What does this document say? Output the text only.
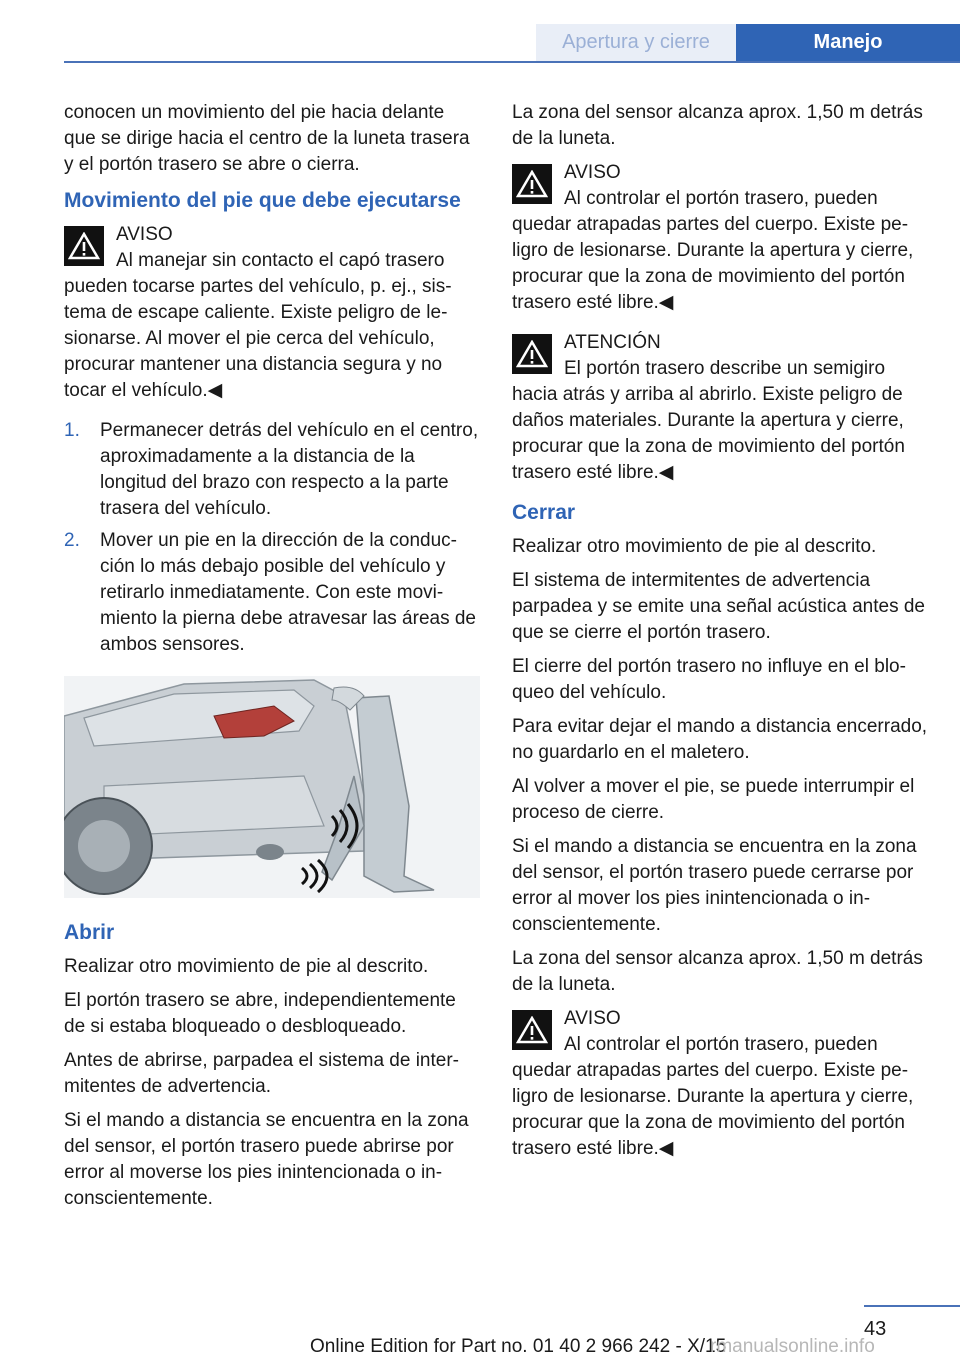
Apertura y cierre	Manejo

conocen un movimiento del pie hacia delante que se dirige hacia el centro de la luneta trasera y el portón trasero se abre o cierra.

Movimiento del pie que debe ejecutarse
AVISO
Al manejar sin contacto el capó trasero pueden tocarse partes del vehículo, p. ej., sistema de escape caliente. Existe peligro de lesionarse. Al mover el pie cerca del vehículo, procurar mantener una distancia segura y no tocar el vehículo.◀
1. Permanecer detrás del vehículo en el centro, aproximadamente a la distancia de la longitud del brazo con respecto a la parte trasera del vehículo.
2. Mover un pie en la dirección de la conducción lo más debajo posible del vehículo y retirarlo inmediatamente. Con este movimiento la pierna debe atravesar las áreas de ambos sensores.
Abrir

Realizar otro movimiento de pie al descrito.

El portón trasero se abre, independientemente de si estaba bloqueado o desbloqueado.

Antes de abrirse, parpadea el sistema de intermitentes de advertencia.

Si el mando a distancia se encuentra en la zona del sensor, el portón trasero puede abrirse por error al moverse los pies inintencionada o inconscientemente.

La zona del sensor alcanza aprox. 1,50 m detrás de la luneta.

AVISO
Al controlar el portón trasero, pueden quedar atrapadas partes del cuerpo. Existe peligro de lesionarse. Durante la apertura y cierre, procurar que la zona de movimiento del portón trasero esté libre.◀
ATENCIÓN
El portón trasero describe un semigiro hacia atrás y arriba al abrirlo. Existe peligro de daños materiales. Durante la apertura y cierre, procurar que la zona de movimiento del portón trasero esté libre.◀
Cerrar

Realizar otro movimiento de pie al descrito.

El sistema de intermitentes de advertencia parpadea y se emite una señal acústica antes de que se cierre el portón trasero.

El cierre del portón trasero no influye en el bloqueo del vehículo.

Para evitar dejar el mando a distancia encerrado, no guardarlo en el maletero.

Al volver a mover el pie, se puede interrumpir el proceso de cierre.

Si el mando a distancia se encuentra en la zona del sensor, el portón trasero puede cerrarse por error al mover los pies inintencionada o inconscientemente.

La zona del sensor alcanza aprox. 1,50 m detrás de la luneta.

AVISO
Al controlar el portón trasero, pueden quedar atrapadas partes del cuerpo. Existe peligro de lesionarse. Durante la apertura y cierre, procurar que la zona de movimiento del portón trasero esté libre.◀
43
Online Edition for Part no. 01 40 2 966 242 - X/15
rmanualsonline.info
